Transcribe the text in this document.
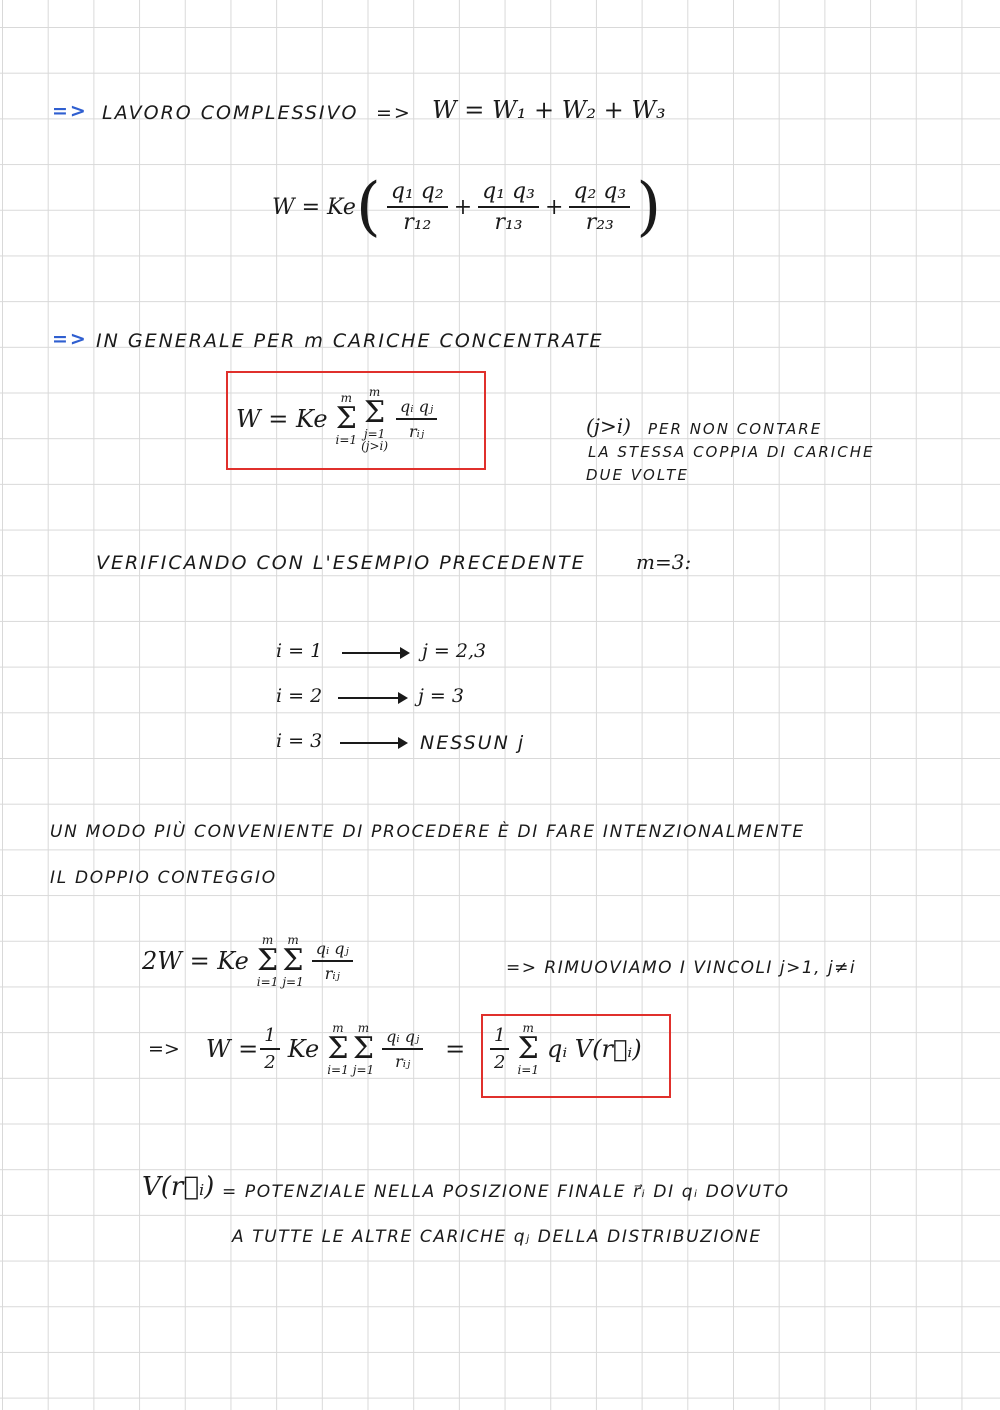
=> LAVORO COMPLESSIVO => W = W₁ + W₂ + W₃
W = Ke ( $\frac{\text{q₁ q₂}}{\text{r₁₂}} + \frac{\text{q₁ q₃}}{\text{r₁₃}} + \frac{\text{q₂ q₃}}{\text{r₂₃}}$ )
=> IN GENERALE PER m CARICHE CONCENTRATE
W = Ke
m
Σ
i=1
m
Σ
j=1
(j>i)
$\frac{\text{qᵢ qⱼ}}{\text{rᵢⱼ}}$	(j>i) PER NON CONTARE
LA STESSA COPPIA DI CARICHE
DUE VOLTE
VERIFICANDO CON L'ESEMPIO PRECEDENTE	m=3:
i = 1	j = 2,3
i = 2	j = 3
i = 3	NESSUN j
UN MODO PIÙ CONVENIENTE DI PROCEDERE È DI FARE INTENZIONALMENTE
IL DOPPIO CONTEGGIO
2W = Ke
m
Σ
i=1
m
Σ
$j=1 \frac{\text{qᵢ qⱼ}}{\text{rᵢⱼ}}$	=> RIMUOVIAMO I VINCOLI j>1, j≠i
=> $W = \frac{1}{2}$ Ke
m
Σ
i=1
m
Σ
$j=1 \frac{\text{qᵢ qⱼ}}{\text{rᵢⱼ}} = \frac{1}{2}$ m
Σ
i=1
qᵢ V(r⃗ᵢ)
V(r⃗ᵢ) = POTENZIALE NELLA POSIZIONE FINALE r⃗ᵢ DI qᵢ DOVUTO
A TUTTE LE ALTRE CARICHE qⱼ DELLA DISTRIBUZIONE
